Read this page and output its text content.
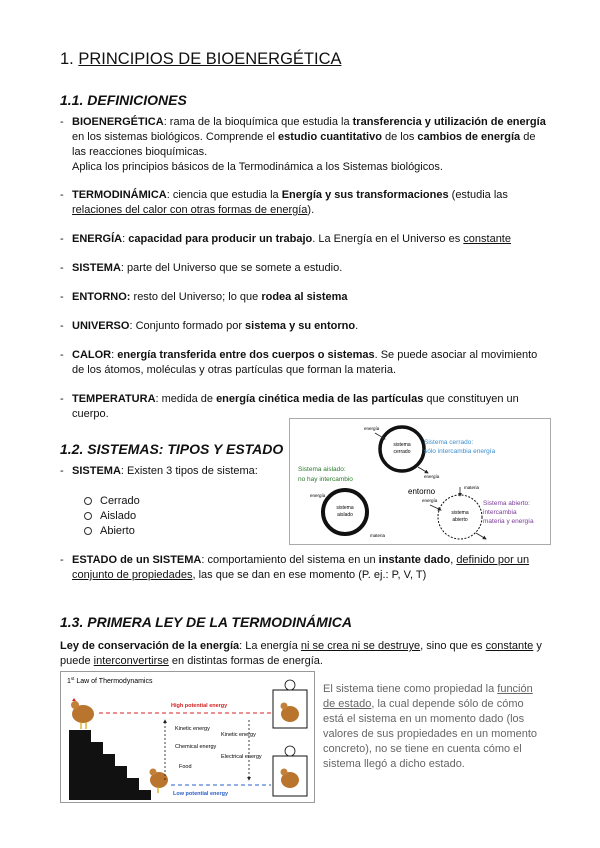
1. PRINCIPIOS DE BIOENERGÉTICA
1.1. DEFINICIONES
- BIOENERGÉTICA: rama de la bioquímica que estudia la transferencia y utilización de energía en los sistemas biológicos. Comprende el estudio cuantitativo de los cambios de energía de las reacciones bioquímicas.
Aplica los principios básicos de la Termodinámica a los Sistemas biológicos.
- TERMODINÁMICA: ciencia que estudia la Energía y sus transformaciones (estudia las relaciones del calor con otras formas de energía).
- ENERGÍA: capacidad para producir un trabajo. La Energía en el Universo es constante
- SISTEMA: parte del Universo que se somete a estudio.
- ENTORNO: resto del Universo; lo que rodea al sistema
- UNIVERSO: Conjunto formado por sistema y su entorno.
- CALOR: energía transferida entre dos cuerpos o sistemas. Se puede asociar al movimiento de los átomos, moléculas y otras partículas que forman la materia.
- TEMPERATURA: medida de energía cinética media de las partículas que constituyen un cuerpo.
1.2. SISTEMAS: TIPOS Y ESTADO
- SISTEMA: Existen 3 tipos de sistema:
Cerrado
Aislado
Abierto
sistema
cerrado
energía
energía
Sistema cerrado:
sólo intercambia energía
Sistema aislado:
no hay intercambio
sistema
aislado
energía
materia
entorno
sistema
abierto
energía
materia
Sistema abierto:
intercambia
materia y energía
- ESTADO de un SISTEMA: comportamiento del sistema en un instante dado, definido por un conjunto de propiedades, las que se dan en ese momento (P. ej.: P, V, T)
1.3. PRIMERA LEY DE LA TERMODINÁMICA
Ley de conservación de la energía: La energía ni se crea ni se destruye, sino que es constante y puede interconvertirse en distintas formas de energía.
1st Law of Thermodynamics
High potential energy
Low potential energy
Kinetic energy
Chemical energy
Food
Kinetic energy
Electrical energy
El sistema tiene como propiedad la función de estado, la cual depende sólo de cómo está el sistema en un momento dado (los valores de sus propiedades en un momento concreto), no se tiene en cuenta cómo el sistema llegó a dicho estado.
